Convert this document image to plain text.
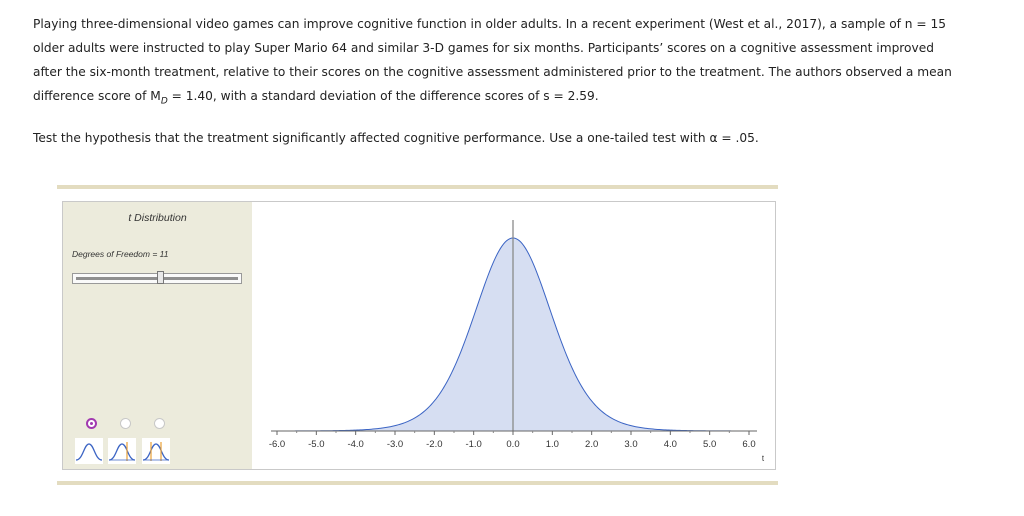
Playing three-dimensional video games can improve cognitive function in older adults. In a recent experiment (West et al., 2017), a sample of n = 15

older adults were instructed to play Super Mario 64 and similar 3-D games for six months. Participants’ scores on a cognitive assessment improved

after the six-month treatment, relative to their scores on the cognitive assessment administered prior to the treatment. The authors observed a mean

difference score of $M_D = 1.40$, with a standard deviation of the difference scores of s = 2.59.

Test the hypothesis that the treatment significantly affected cognitive performance. Use a one-tailed test with α = .05.
t Distribution
Degrees of Freedom = 11
-6.0 -5.0 -4.0 -3.0 -2.0 -1.0	0.0	1.0	2.0	3.0	4.0	5.0	6.0
t
